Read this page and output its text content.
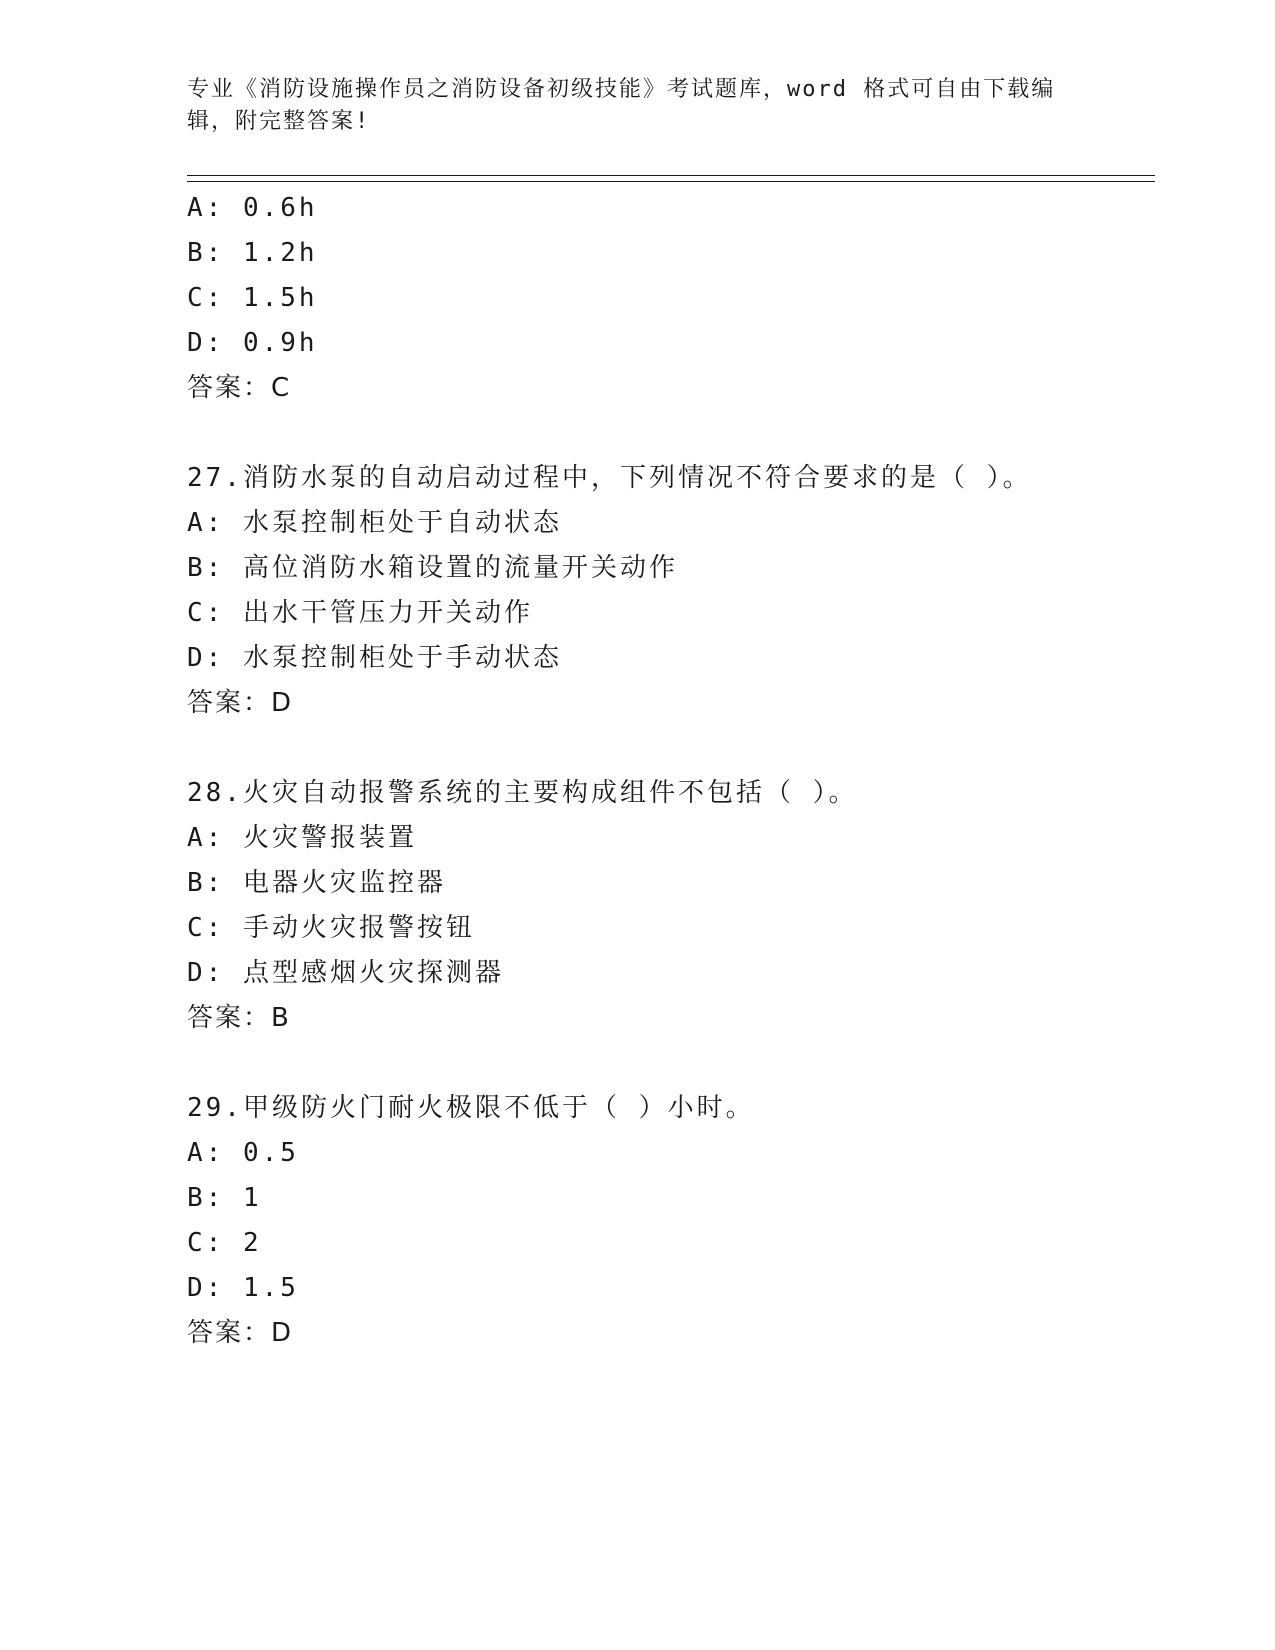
专业《消防设施操作员之消防设备初级技能》考试题库，word 格式可自由下载编
辑，附完整答案!
A: 0.6h
B: 1.2h
C: 1.5h
D: 0.9h
答案：C
27.消防水泵的自动启动过程中，下列情况不符合要求的是（ ）。
A: 水泵控制柜处于自动状态
B: 高位消防水箱设置的流量开关动作
C: 出水干管压力开关动作
D: 水泵控制柜处于手动状态
答案：D
28.火灾自动报警系统的主要构成组件不包括（ ）。
A: 火灾警报装置
B: 电器火灾监控器
C: 手动火灾报警按钮
D: 点型感烟火灾探测器
答案：B
29.甲级防火门耐火极限不低于（ ）小时。
A: 0.5
B: 1
C: 2
D: 1.5
答案：D
